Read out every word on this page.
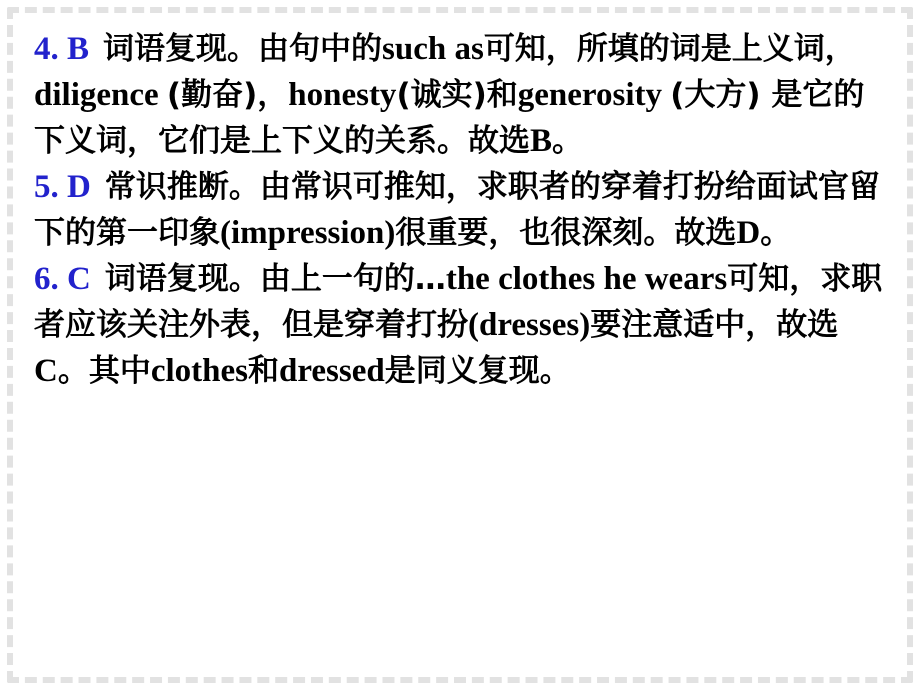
4. B 词语复现。由句中的such as可知，所填的词是上义词，diligence (勤奋)，honesty(诚实)和generosity (大方) 是它的下义词，它们是上下义的关系。故选B。

5. D 常识推断。由常识可推知，求职者的穿着打扮给面试官留下的第一印象(impression)很重要，也很深刻。故选D。

6. C 词语复现。由上一句的…the clothes he wears可知，求职者应该关注外表，但是穿着打扮(dresses)要注意适中，故选C。其中clothes和dressed是同义复现。
